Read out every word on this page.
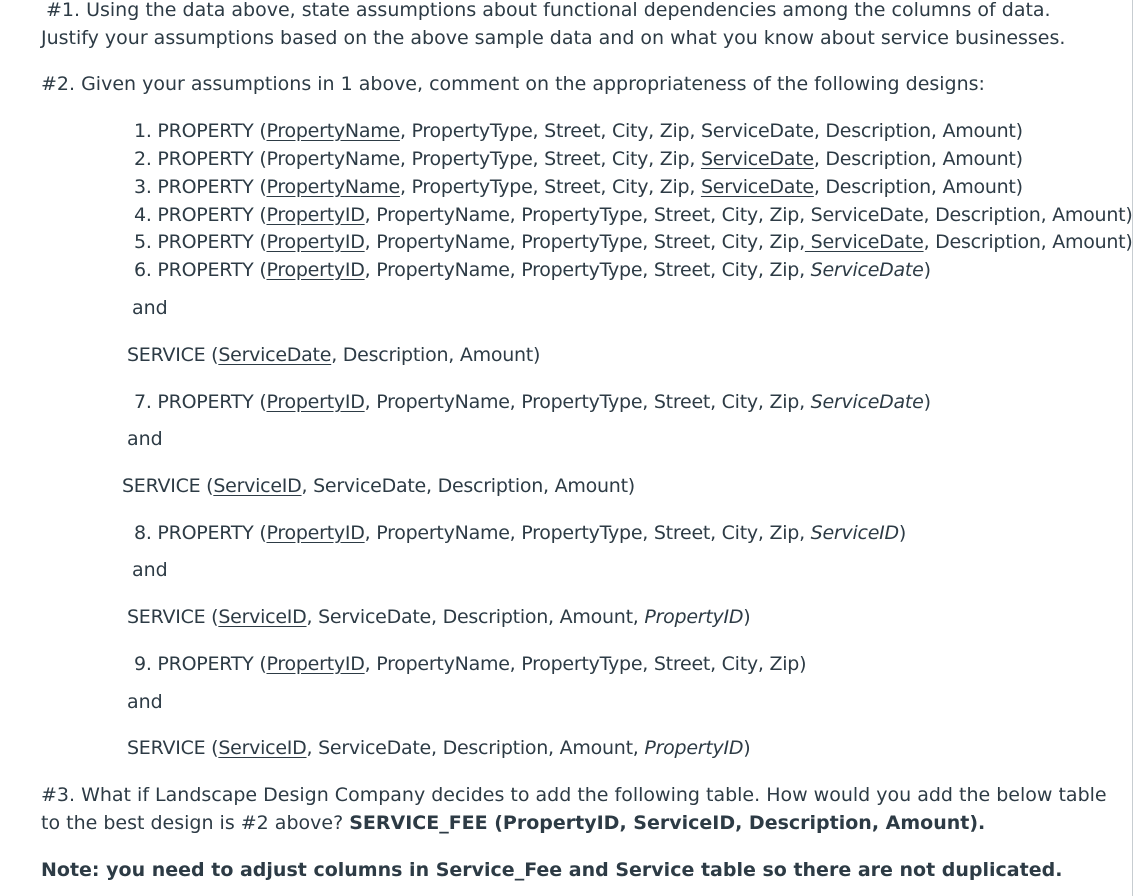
#1. Using the data above, state assumptions about functional dependencies among the columns of data. Justify your assumptions based on the above sample data and on what you know about service businesses.

#2. Given your assumptions in 1 above, comment on the appropriateness of the following designs:

1. PROPERTY (PropertyName, PropertyType, Street, City, Zip, ServiceDate, Description, Amount)

2. PROPERTY (PropertyName, PropertyType, Street, City, Zip, ServiceDate, Description, Amount)

3. PROPERTY (PropertyName, PropertyType, Street, City, Zip, ServiceDate, Description, Amount)

4. PROPERTY (PropertyID, PropertyName, PropertyType, Street, City, Zip, ServiceDate, Description, Amount)

5. PROPERTY (PropertyID, PropertyName, PropertyType, Street, City, Zip, ServiceDate, Description, Amount)

6. PROPERTY (PropertyID, PropertyName, PropertyType, Street, City, Zip, ServiceDate)

and

SERVICE (ServiceDate, Description, Amount)

7. PROPERTY (PropertyID, PropertyName, PropertyType, Street, City, Zip, ServiceDate)

and

SERVICE (ServiceID, ServiceDate, Description, Amount)

8. PROPERTY (PropertyID, PropertyName, PropertyType, Street, City, Zip, ServiceID)

and

SERVICE (ServiceID, ServiceDate, Description, Amount, PropertyID)

9. PROPERTY (PropertyID, PropertyName, PropertyType, Street, City, Zip)

and

SERVICE (ServiceID, ServiceDate, Description, Amount, PropertyID)

#3. What if Landscape Design Company decides to add the following table. How would you add the below table to the best design is #2 above? SERVICE_FEE (PropertyID, ServiceID, Description, Amount).

Note: you need to adjust columns in Service_Fee and Service table so there are not duplicated.
